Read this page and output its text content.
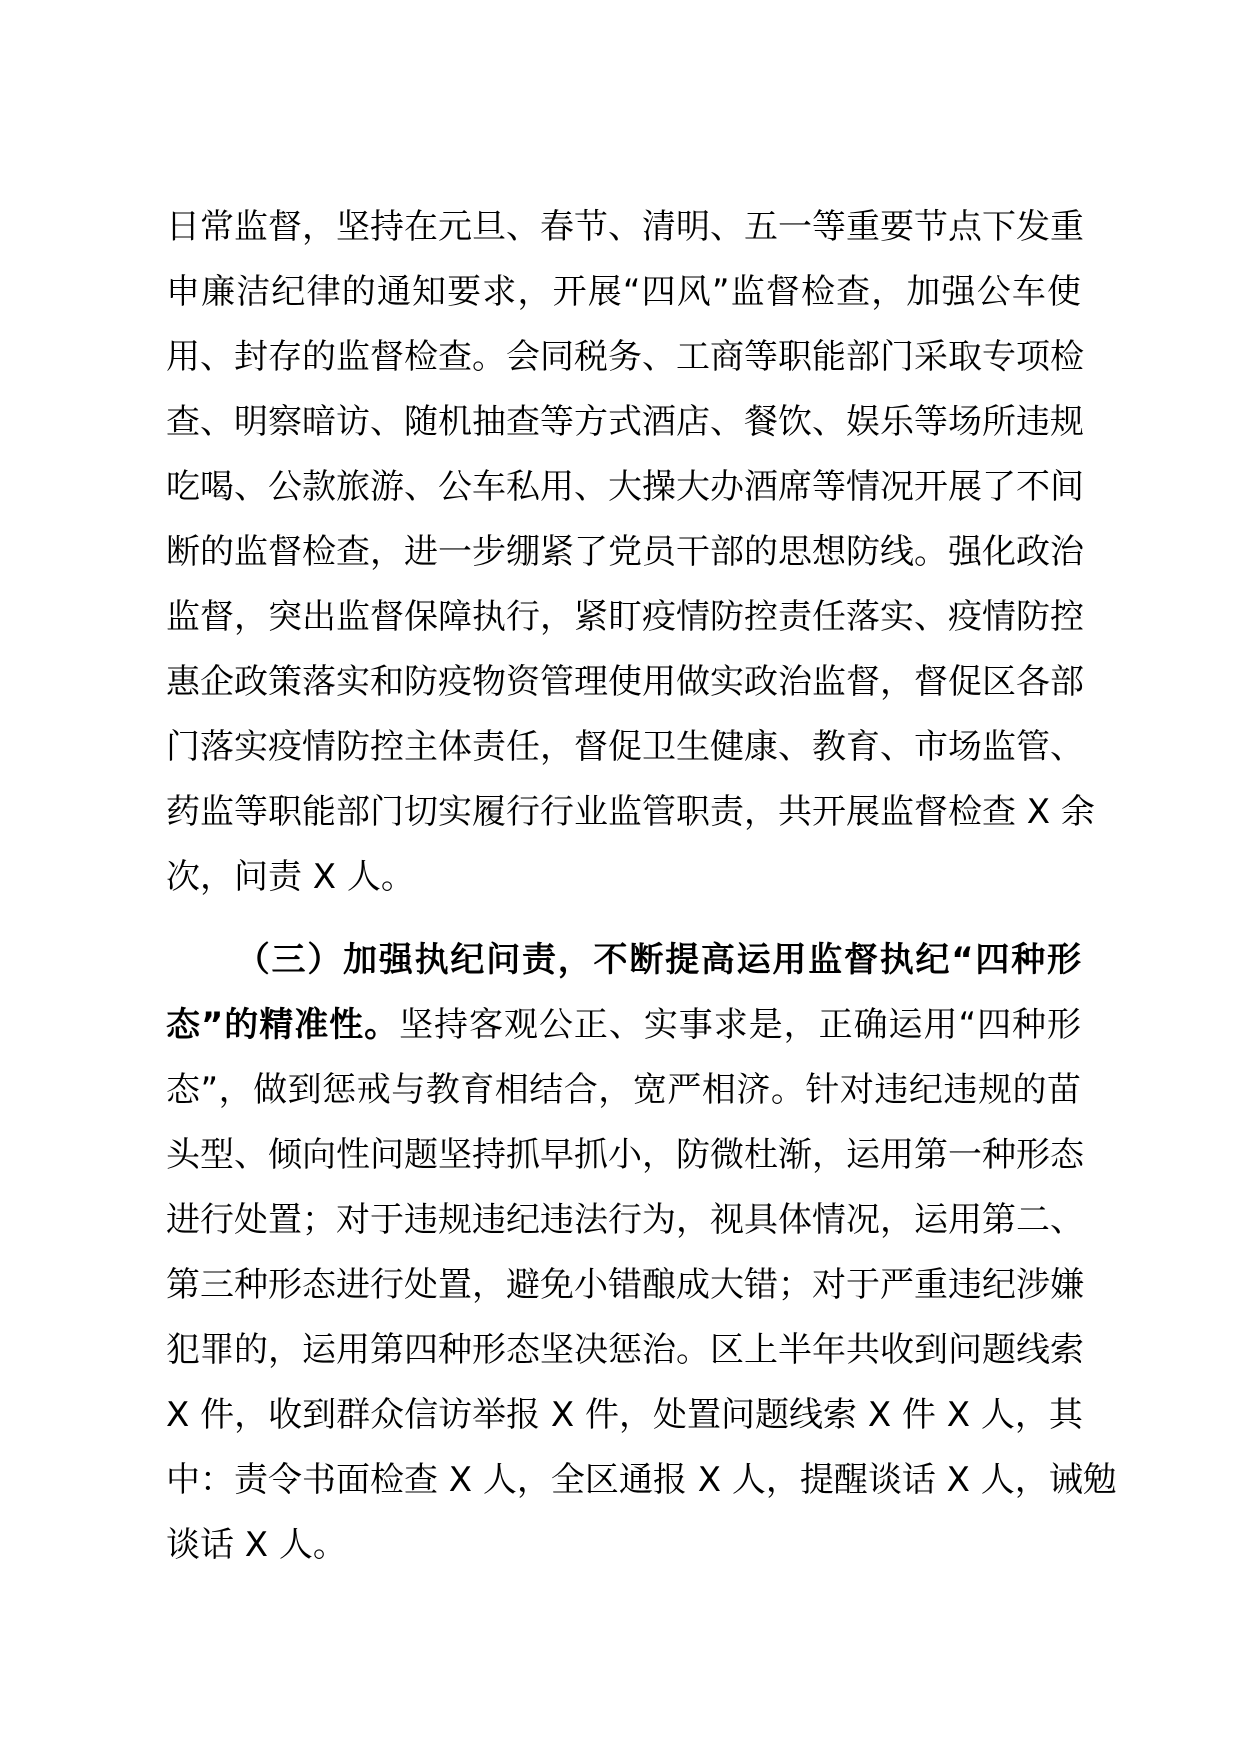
日常监督，坚持在元旦、春节、清明、五一等重要节点下发重
申廉洁纪律的通知要求，开展“四风”监督检查，加强公车使
用、封存的监督检查。会同税务、工商等职能部门采取专项检
查、明察暗访、随机抽查等方式酒店、餐饮、娱乐等场所违规
吃喝、公款旅游、公车私用、大操大办酒席等情况开展了不间
断的监督检查，进一步绷紧了党员干部的思想防线。强化政治
监督，突出监督保障执行，紧盯疫情防控责任落实、疫情防控
惠企政策落实和防疫物资管理使用做实政治监督，督促区各部
门落实疫情防控主体责任，督促卫生健康、教育、市场监管、
药监等职能部门切实履行行业监管职责，共开展监督检查 X 余
次，问责 X 人。
（三）加强执纪问责，不断提高运用监督执纪“四种形
态”的精准性。坚持客观公正、实事求是，正确运用“四种形
态”，做到惩戒与教育相结合，宽严相济。针对违纪违规的苗
头型、倾向性问题坚持抓早抓小，防微杜渐，运用第一种形态
进行处置；对于违规违纪违法行为，视具体情况，运用第二、
第三种形态进行处置，避免小错酿成大错；对于严重违纪涉嫌
犯罪的，运用第四种形态坚决惩治。区上半年共收到问题线索
X 件，收到群众信访举报 X 件，处置问题线索 X 件 X 人，其
中：责令书面检查 X 人，全区通报 X 人，提醒谈话 X 人，诫勉
谈话 X 人。
